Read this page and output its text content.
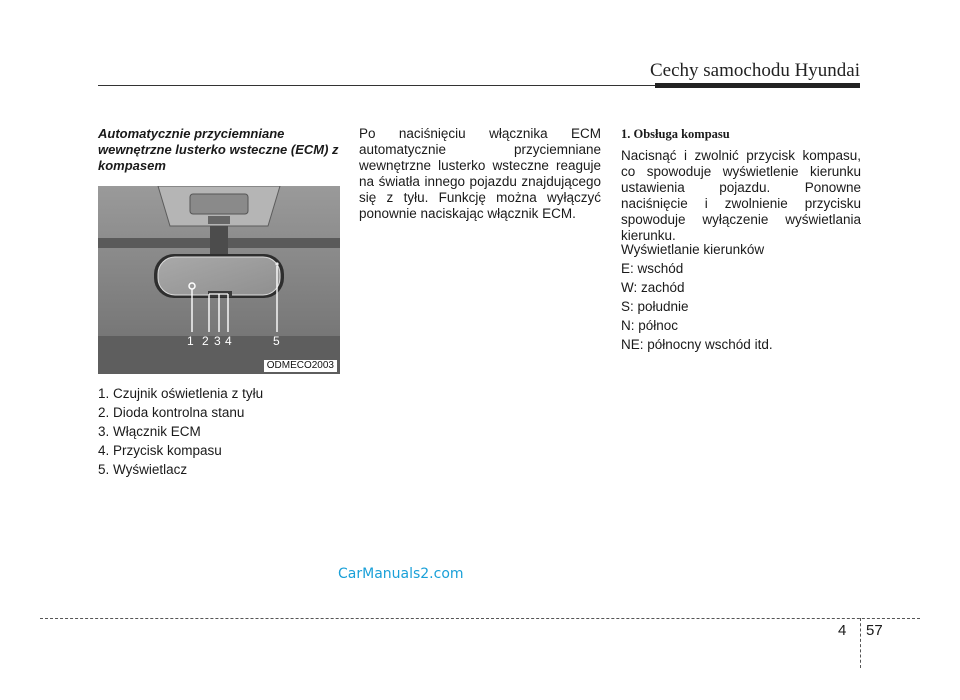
Cechy samochodu Hyundai

Automatycznie przyciemniane wewnętrzne lusterko wsteczne (ECM) z kompasem

1 2 3 4	5
ODMECO2003
1. Czujnik oświetlenia z tyłu
2. Dioda kontrolna stanu
3. Włącznik ECM
4. Przycisk kompasu
5. Wyświetlacz

Po naciśnięciu włącznika ECM automatycznie przyciemniane wewnętrzne lusterko wsteczne reaguje na światła innego pojazdu znajdującego się z tyłu. Funkcję można wyłączyć ponownie naciskając włącznik ECM.

1. Obsługa kompasu

Nacisnąć i zwolnić przycisk kompasu, co spowoduje wyświetlenie kierunku ustawienia pojazdu. Ponowne naciśnięcie i zwolnienie przycisku spowoduje wyłączenie wyświetlania kierunku.

Wyświetlanie kierunków
E: wschód
W: zachód
S: południe
N: północ
NE: północny wschód itd.
CarManuals2.com
4 57
